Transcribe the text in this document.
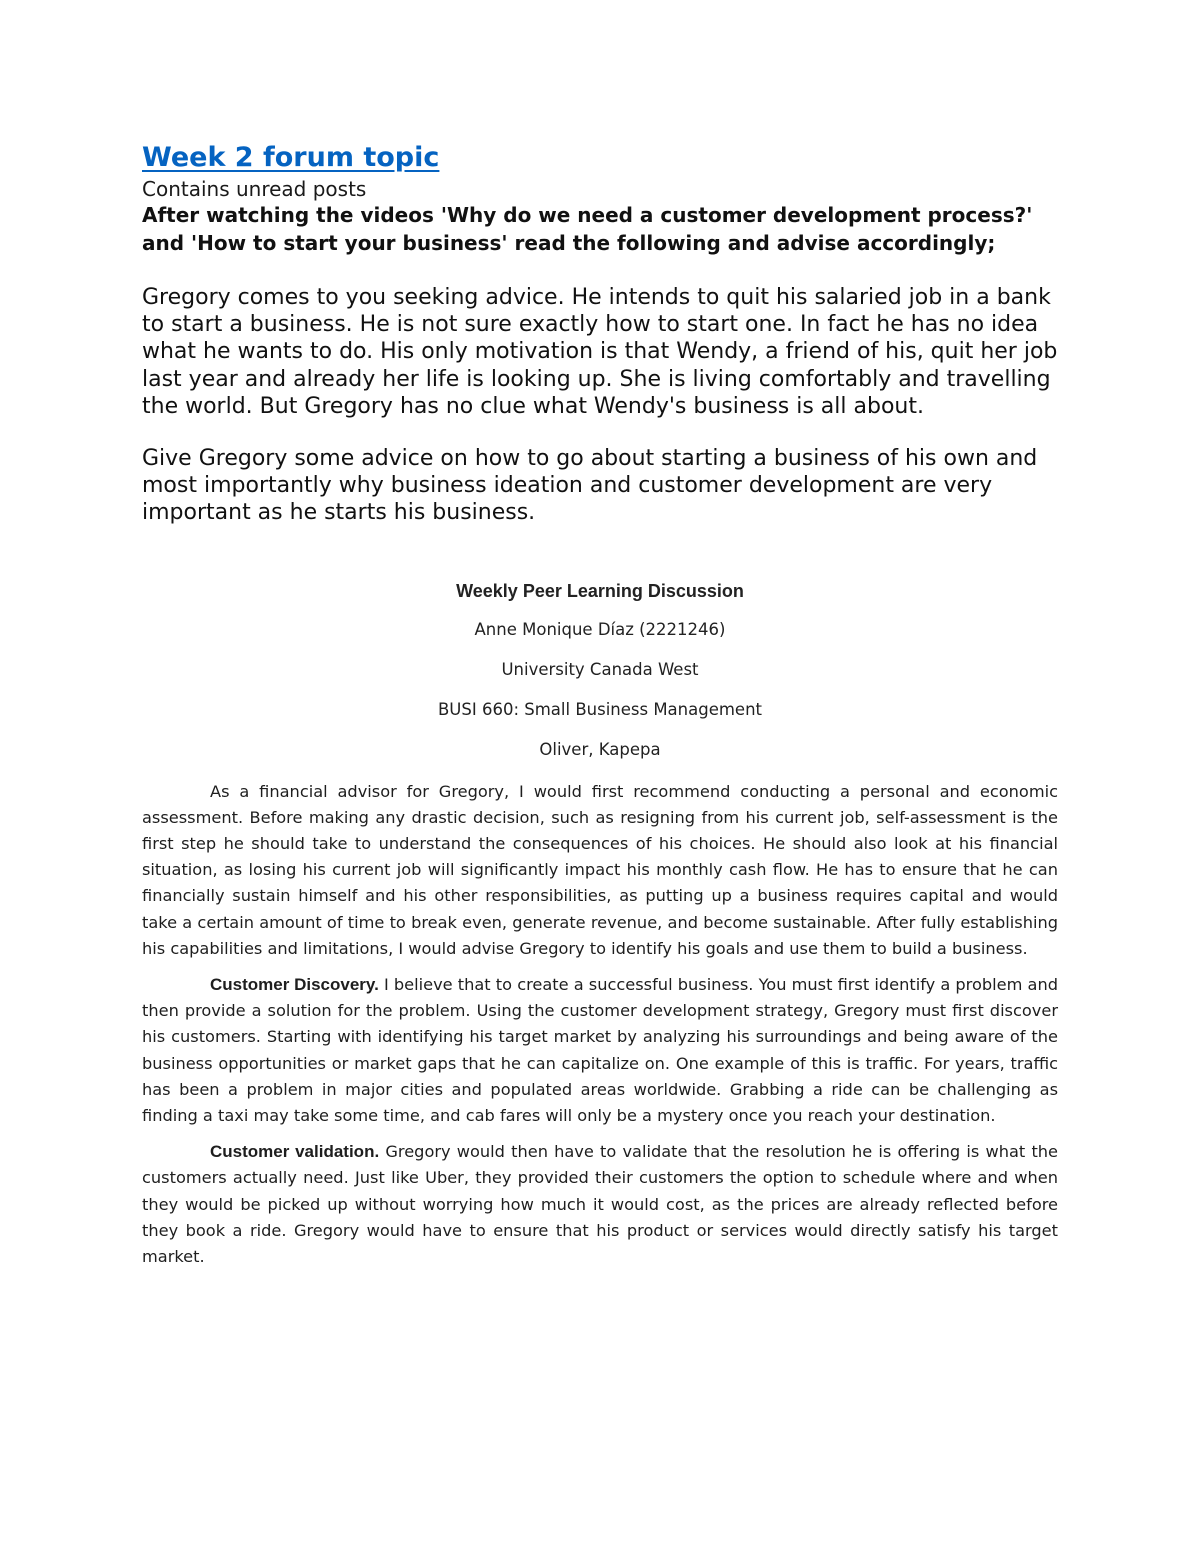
Week 2 forum topic

Contains unread posts

After watching the videos 'Why do we need a customer development process?' and 'How to start your business' read the following and advise accordingly;

Gregory comes to you seeking advice. He intends to quit his salaried job in a bank to start a business. He is not sure exactly how to start one. In fact he has no idea what he wants to do. His only motivation is that Wendy, a friend of his, quit her job last year and already her life is looking up. She is living comfortably and travelling the world. But Gregory has no clue what Wendy's business is all about.

Give Gregory some advice on how to go about starting a business of his own and most importantly why business ideation and customer development are very important as he starts his business.

Weekly Peer Learning Discussion

Anne Monique Díaz (2221246)

University Canada West

BUSI 660: Small Business Management

Oliver, Kapepa

As a financial advisor for Gregory, I would first recommend conducting a personal and economic assessment. Before making any drastic decision, such as resigning from his current job, self-assessment is the first step he should take to understand the consequences of his choices. He should also look at his financial situation, as losing his current job will significantly impact his monthly cash flow. He has to ensure that he can financially sustain himself and his other responsibilities, as putting up a business requires capital and would take a certain amount of time to break even, generate revenue, and become sustainable. After fully establishing his capabilities and limitations, I would advise Gregory to identify his goals and use them to build a business.

Customer Discovery. I believe that to create a successful business. You must first identify a problem and then provide a solution for the problem. Using the customer development strategy, Gregory must first discover his customers. Starting with identifying his target market by analyzing his surroundings and being aware of the business opportunities or market gaps that he can capitalize on. One example of this is traffic. For years, traffic has been a problem in major cities and populated areas worldwide. Grabbing a ride can be challenging as finding a taxi may take some time, and cab fares will only be a mystery once you reach your destination.

Customer validation. Gregory would then have to validate that the resolution he is offering is what the customers actually need. Just like Uber, they provided their customers the option to schedule where and when they would be picked up without worrying how much it would cost, as the prices are already reflected before they book a ride. Gregory would have to ensure that his product or services would directly satisfy his target market.
